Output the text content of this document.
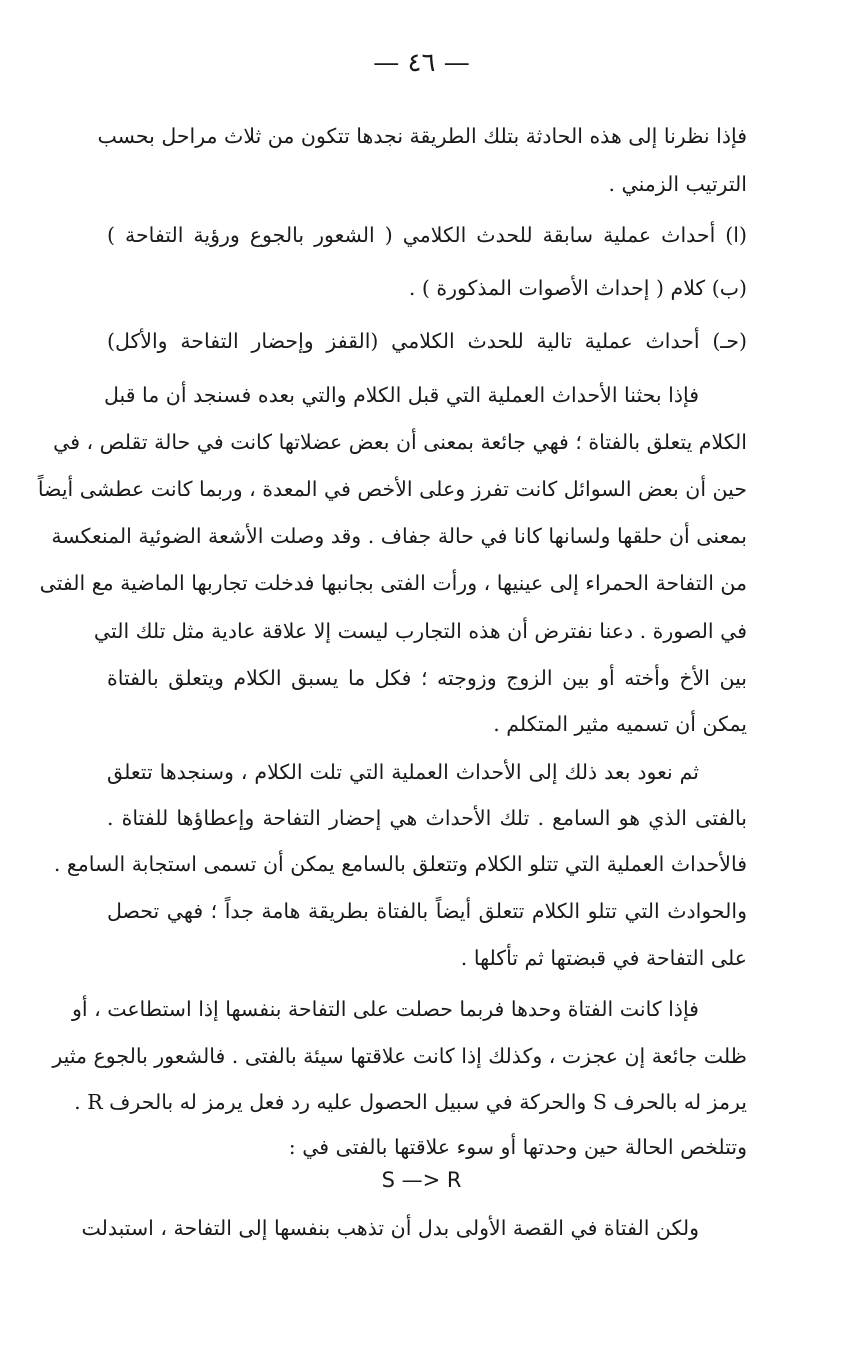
— ٤٦ —
فإذا نظرنا إلى هذه الحادثة بتلك الطريقة نجدها تتكون من ثلاث مراحل بحسب
الترتيب الزمني .
(ا) أحداث عملية سابقة للحدث الكلامي ( الشعور بالجوع ورؤية التفاحة )
(ب) كلام ( إحداث الأصوات المذكورة ) .
(حـ) أحداث عملية تالية للحدث الكلامي (القفز وإحضار التفاحة والأكل)
فإذا بحثنا الأحداث العملية التي قبل الكلام والتي بعده فسنجد أن ما قبل
الكلام يتعلق بالفتاة ؛ فهي جائعة بمعنى أن بعض عضلاتها كانت في حالة تقلص ، في
حين أن بعض السوائل كانت تفرز وعلى الأخص في المعدة ، وربما كانت عطشى أيضاً
بمعنى أن حلقها ولسانها كانا في حالة جفاف . وقد وصلت الأشعة الضوئية المنعكسة
من التفاحة الحمراء إلى عينيها ، ورأت الفتى بجانبها فدخلت تجاربها الماضية مع الفتى
في الصورة . دعنا نفترض أن هذه التجارب ليست إلا علاقة عادية مثل تلك التي
بين الأخ وأخته أو بين الزوج وزوجته ؛ فكل ما يسبق الكلام ويتعلق بالفتاة
يمكن أن تسميه مثير المتكلم .
ثم نعود بعد ذلك إلى الأحداث العملية التي تلت الكلام ، وسنجدها تتعلق
بالفتى الذي هو السامع . تلك الأحداث هي إحضار التفاحة وإعطاؤها للفتاة .
فالأحداث العملية التي تتلو الكلام وتتعلق بالسامع يمكن أن تسمى استجابة السامع .
والحوادث التي تتلو الكلام تتعلق أيضاً بالفتاة بطريقة هامة جداً ؛ فهي تحصل
على التفاحة في قبضتها ثم تأكلها .
فإذا كانت الفتاة وحدها فربما حصلت على التفاحة بنفسها إذا استطاعت ، أو
ظلت جائعة إن عجزت ، وكذلك إذا كانت علاقتها سيئة بالفتى . فالشعور بالجوع مثير
يرمز له بالحرف S والحركة في سبيل الحصول عليه رد فعل يرمز له بالحرف R .
وتتلخص الحالة حين وحدتها أو سوء علاقتها بالفتى في :
S —> R
ولكن الفتاة في القصة الأولى بدل أن تذهب بنفسها إلى التفاحة ، استبدلت
